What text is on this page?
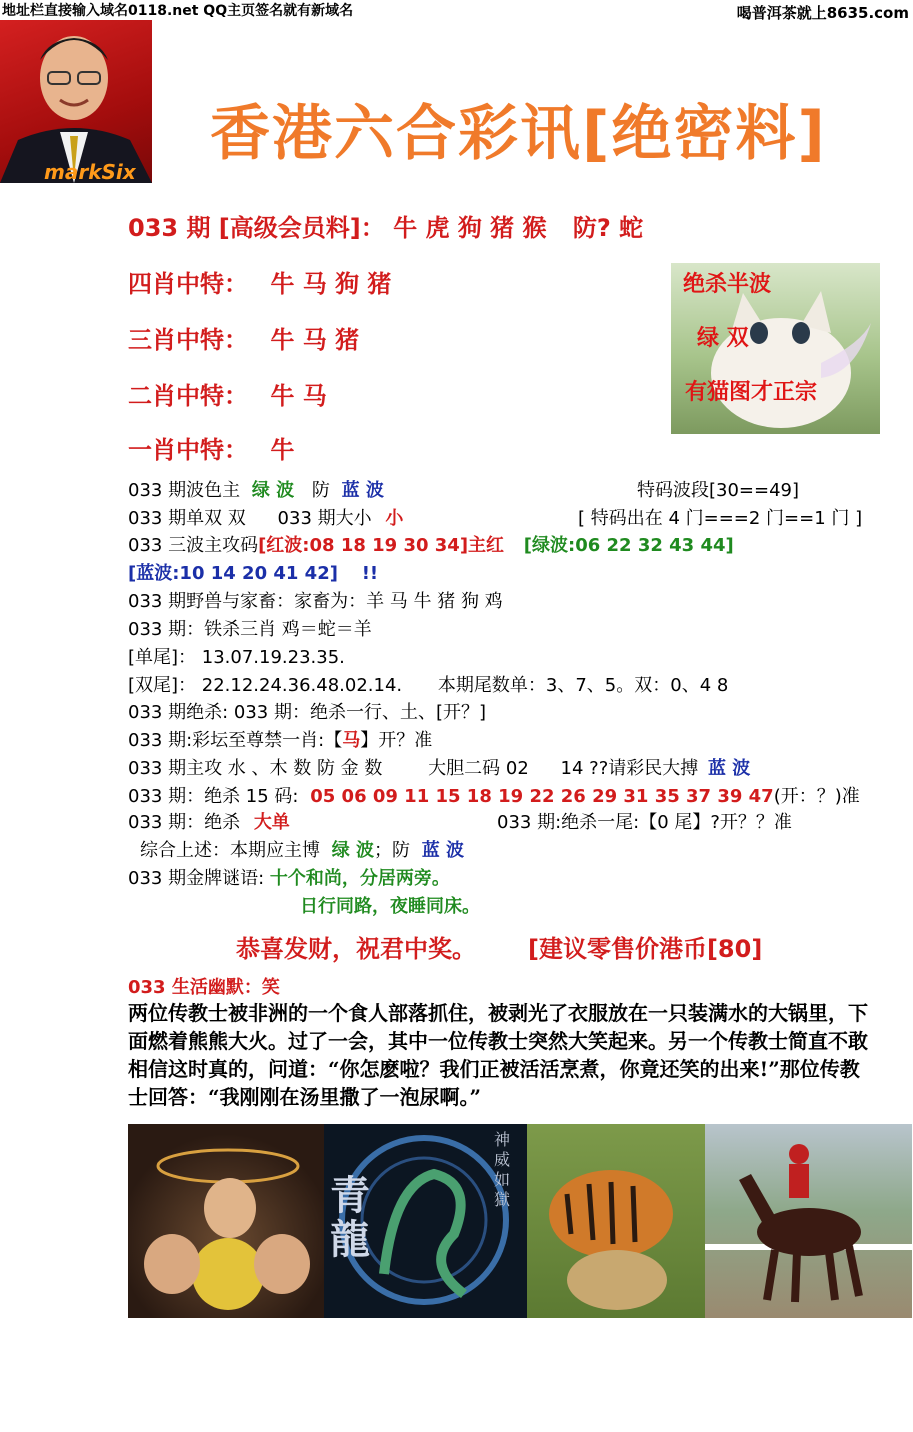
地址栏直接输入域名0118.net QQ主页签名就有新域名	喝普洱茶就上8635.com
markSix
香港六合彩讯[绝密料]
033 期 [高级会员料]： 牛 虎 狗 猪 猴 防? 蛇
四肖中特： 牛 马 狗 猪
三肖中特： 牛 马 猪
二肖中特： 牛 马
一肖中特： 牛
绝杀半波
绿 双
有猫图才正宗
033 期波色主 绿 波 防 蓝 波	特码波段[30==49]
033 期单双 双 033 期大小 小	[ 特码出在 4 门===2 门==1 门 ]
033 三波主攻码[红波:08 18 19 30 34]主红 [绿波:06 22 32 43 44]
[蓝波:10 14 20 41 42] !!
033 期野兽与家畜：家畜为：羊 马 牛 猪 狗 鸡
033 期：铁杀三肖 鸡＝蛇＝羊
[单尾]： 13.07.19.23.35.
[双尾]： 22.12.24.36.48.02.14. 本期尾数单：3、7、5。双：0、4 8
033 期绝杀: 033 期：绝杀一行、土、[开？]
033 期:彩坛至尊禁一肖:【马】开？准
033 期主攻 水 、木 数 防 金 数	大胆二码 02 14 ??请彩民大搏 蓝 波
033 期：绝杀 15 码: 05 06 09 11 15 18 19 22 26 29 31 35 37 39 47(开：？)准
033 期：绝杀 大单	033 期:绝杀一尾:【0 尾】?开？？准
综合上述：本期应主博 绿 波；防 蓝 波
033 期金牌谜语: 十个和尚，分居两旁。
日行同路，夜睡同床。
恭喜发财，祝君中奖。 [建议零售价港币[80]
033 生活幽默：笑
两位传教士被非洲的一个食人部落抓住，被剥光了衣服放在一只装满水的大锅里，下面燃着熊熊大火。过了一会，其中一位传教士突然大笑起来。另一个传教士简直不敢相信这时真的，问道：“你怎麽啦？我们正被活活烹煮，你竟还笑的出来!”那位传教士回答：“我刚刚在汤里撒了一泡尿啊。”
青龍
神威如獄
